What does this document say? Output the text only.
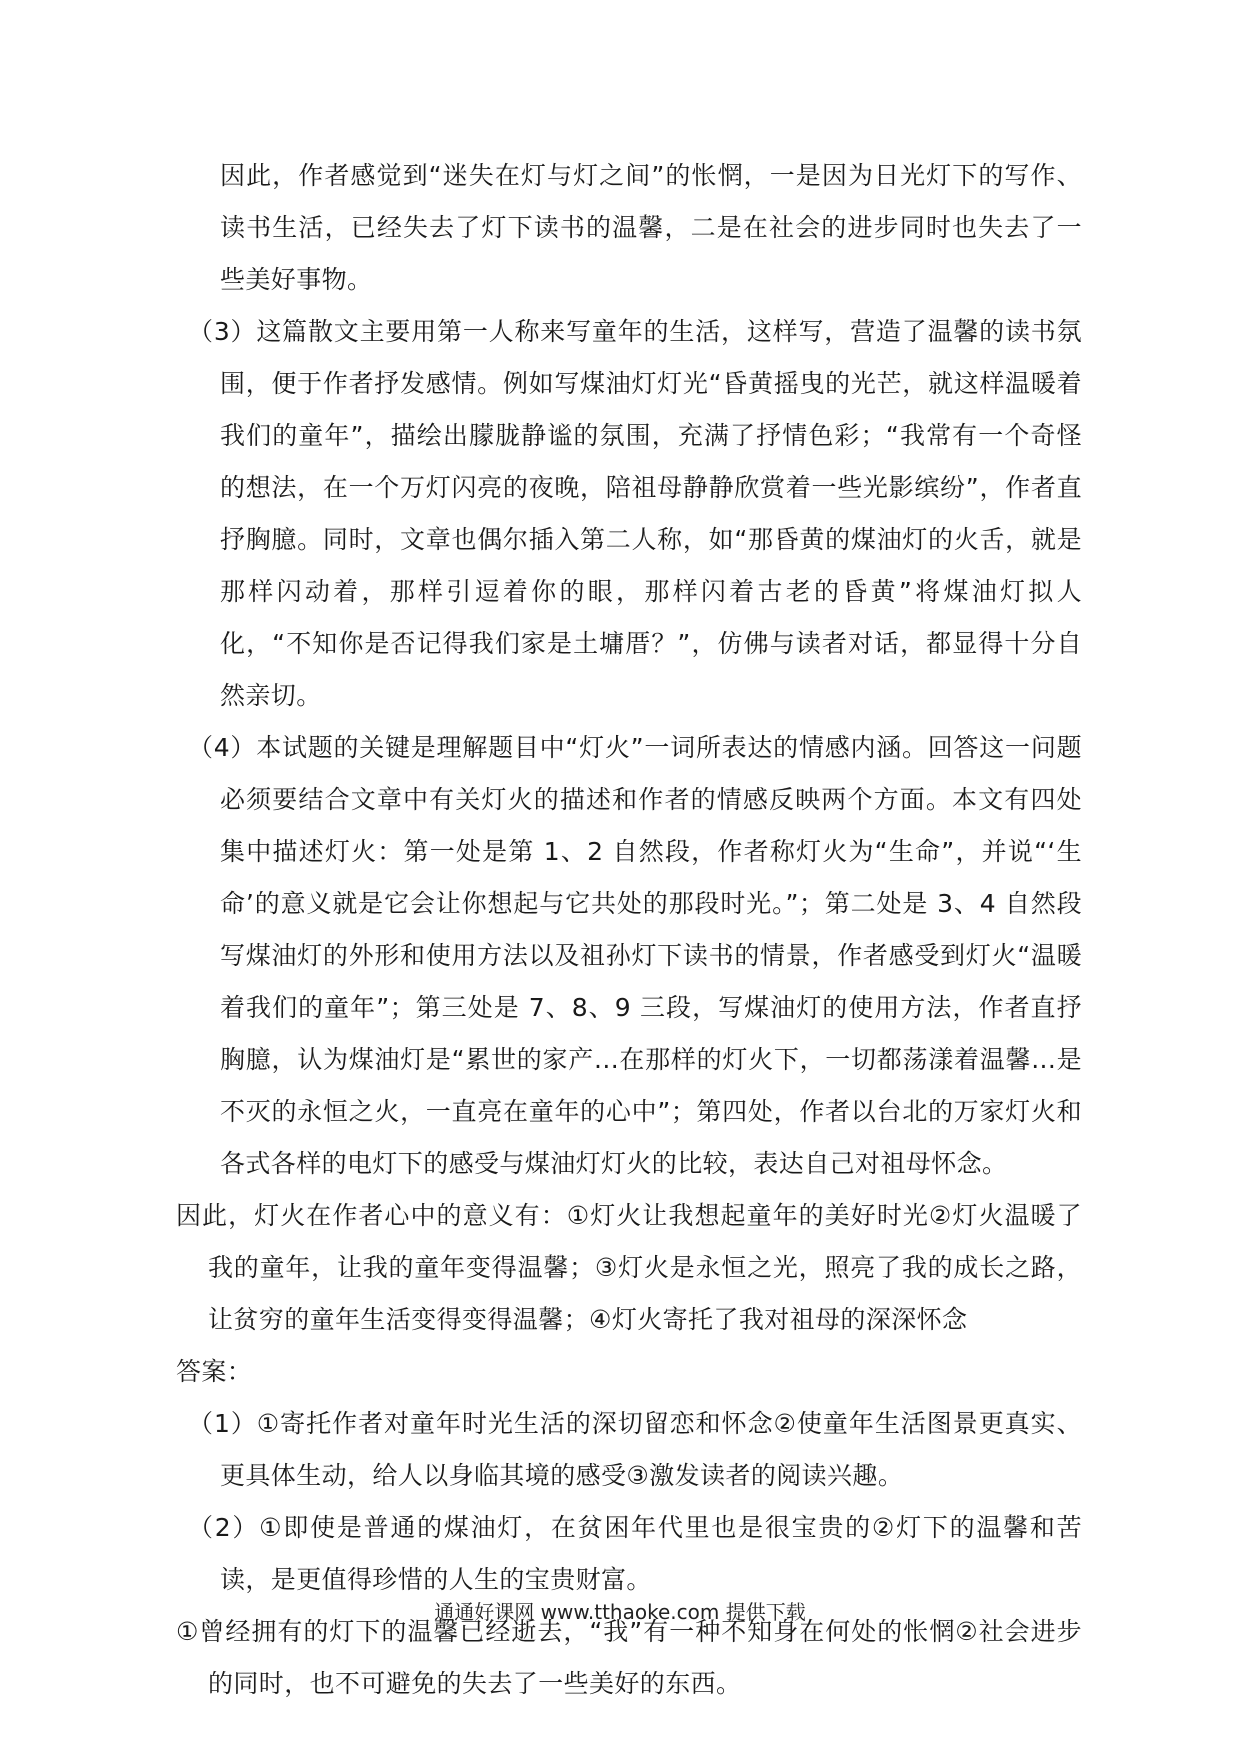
因此，作者感觉到“迷失在灯与灯之间”的怅惘，一是因为日光灯下的写作、读书生活，已经失去了灯下读书的温馨，二是在社会的进步同时也失去了一些美好事物。

（3）这篇散文主要用第一人称来写童年的生活，这样写，营造了温馨的读书氛围，便于作者抒发感情。例如写煤油灯灯光“昏黄摇曳的光芒，就这样温暖着我们的童年”，描绘出朦胧静谧的氛围，充满了抒情色彩；“我常有一个奇怪的想法，在一个万灯闪亮的夜晚，陪祖母静静欣赏着一些光影缤纷”，作者直抒胸臆。同时，文章也偶尔插入第二人称，如“那昏黄的煤油灯的火舌，就是那样闪动着，那样引逗着你的眼，那样闪着古老的昏黄”将煤油灯拟人化，“不知你是否记得我们家是土墉厝？”，仿佛与读者对话，都显得十分自然亲切。

（4）本试题的关键是理解题目中“灯火”一词所表达的情感内涵。回答这一问题必须要结合文章中有关灯火的描述和作者的情感反映两个方面。本文有四处集中描述灯火：第一处是第 1、2 自然段，作者称灯火为“生命”，并说“‘生命’的意义就是它会让你想起与它共处的那段时光。”；第二处是 3、4 自然段写煤油灯的外形和使用方法以及祖孙灯下读书的情景，作者感受到灯火“温暖着我们的童年”；第三处是 7、8、9 三段，写煤油灯的使用方法，作者直抒胸臆，认为煤油灯是“累世的家产...在那样的灯火下，一切都荡漾着温馨...是不灭的永恒之火，一直亮在童年的心中”；第四处，作者以台北的万家灯火和各式各样的电灯下的感受与煤油灯灯火的比较，表达自己对祖母怀念。

因此，灯火在作者心中的意义有：①灯火让我想起童年的美好时光②灯火温暖了我的童年，让我的童年变得温馨；③灯火是永恒之光，照亮了我的成长之路，让贫穷的童年生活变得变得温馨；④灯火寄托了我对祖母的深深怀念

答案：

（1）①寄托作者对童年时光生活的深切留恋和怀念②使童年生活图景更真实、更具体生动，给人以身临其境的感受③激发读者的阅读兴趣。

（2）①即使是普通的煤油灯，在贫困年代里也是很宝贵的②灯下的温馨和苦读，是更值得珍惜的人生的宝贵财富。

①曾经拥有的灯下的温馨已经逝去，“我”有一种不知身在何处的怅惘②社会进步的同时，也不可避免的失去了一些美好的东西。

通通好课网 www.tthaoke.com 提供下载
